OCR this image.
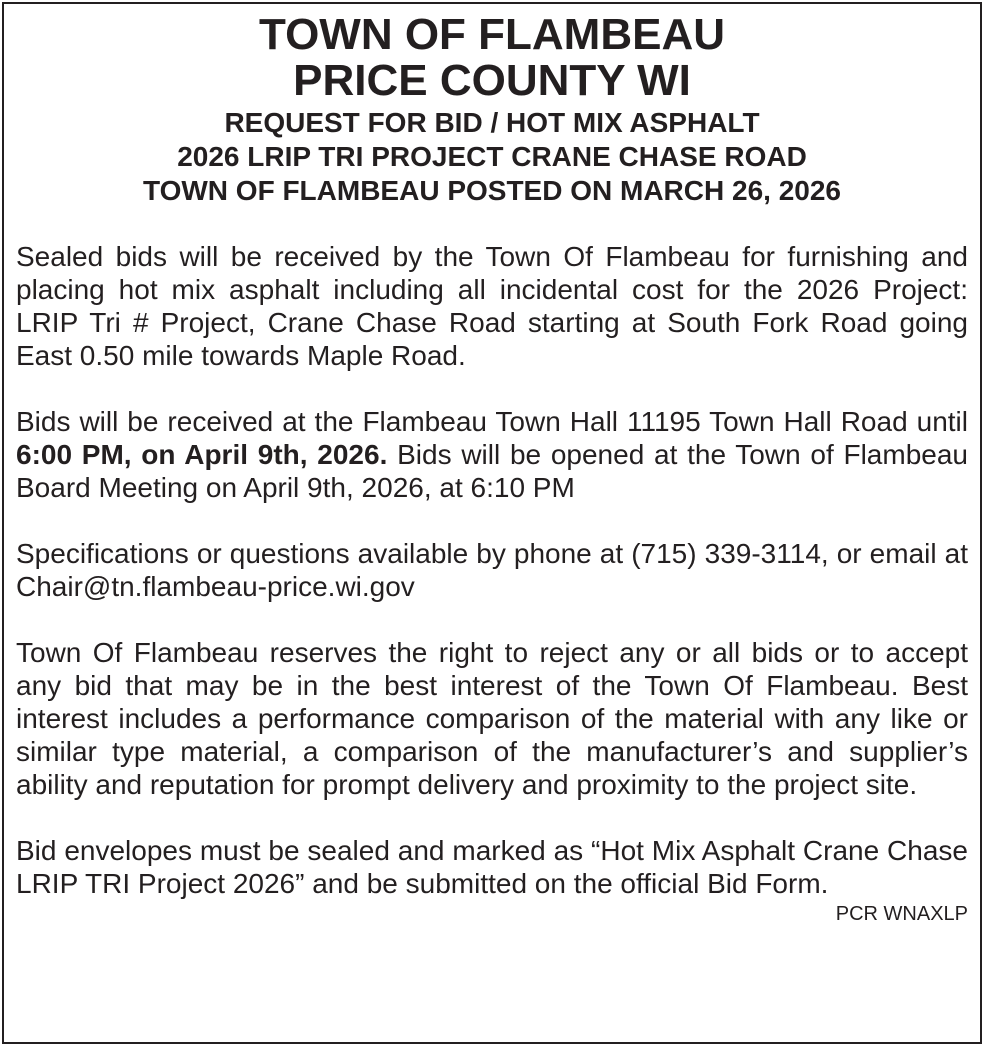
TOWN OF FLAMBEAU

PRICE COUNTY WI

REQUEST FOR BID / HOT MIX ASPHALT

2026 LRIP TRI PROJECT CRANE CHASE ROAD

TOWN OF FLAMBEAU POSTED ON MARCH 26, 2026

Sealed bids will be received by the Town Of Flambeau for furnishing and placing hot mix asphalt including all incidental cost for the 2026 Project: LRIP Tri # Project, Crane Chase Road starting at South Fork Road going East 0.50 mile towards Maple Road.

Bids will be received at the Flambeau Town Hall 11195 Town Hall Road until 6:00 PM, on April 9th, 2026. Bids will be opened at the Town of Flambeau Board Meeting on April 9th, 2026, at 6:10 PM

Specifications or questions available by phone at (715) 339-3114, or email at Chair@tn.flambeau-price.wi.gov

Town Of Flambeau reserves the right to reject any or all bids or to accept any bid that may be in the best interest of the Town Of Flambeau. Best interest includes a performance comparison of the material with any like or similar type material, a comparison of the manufacturer’s and supplier’s ability and reputation for prompt delivery and proximity to the project site.

Bid envelopes must be sealed and marked as “Hot Mix Asphalt Crane Chase LRIP TRI Project 2026” and be submitted on the official Bid Form.

PCR WNAXLP
